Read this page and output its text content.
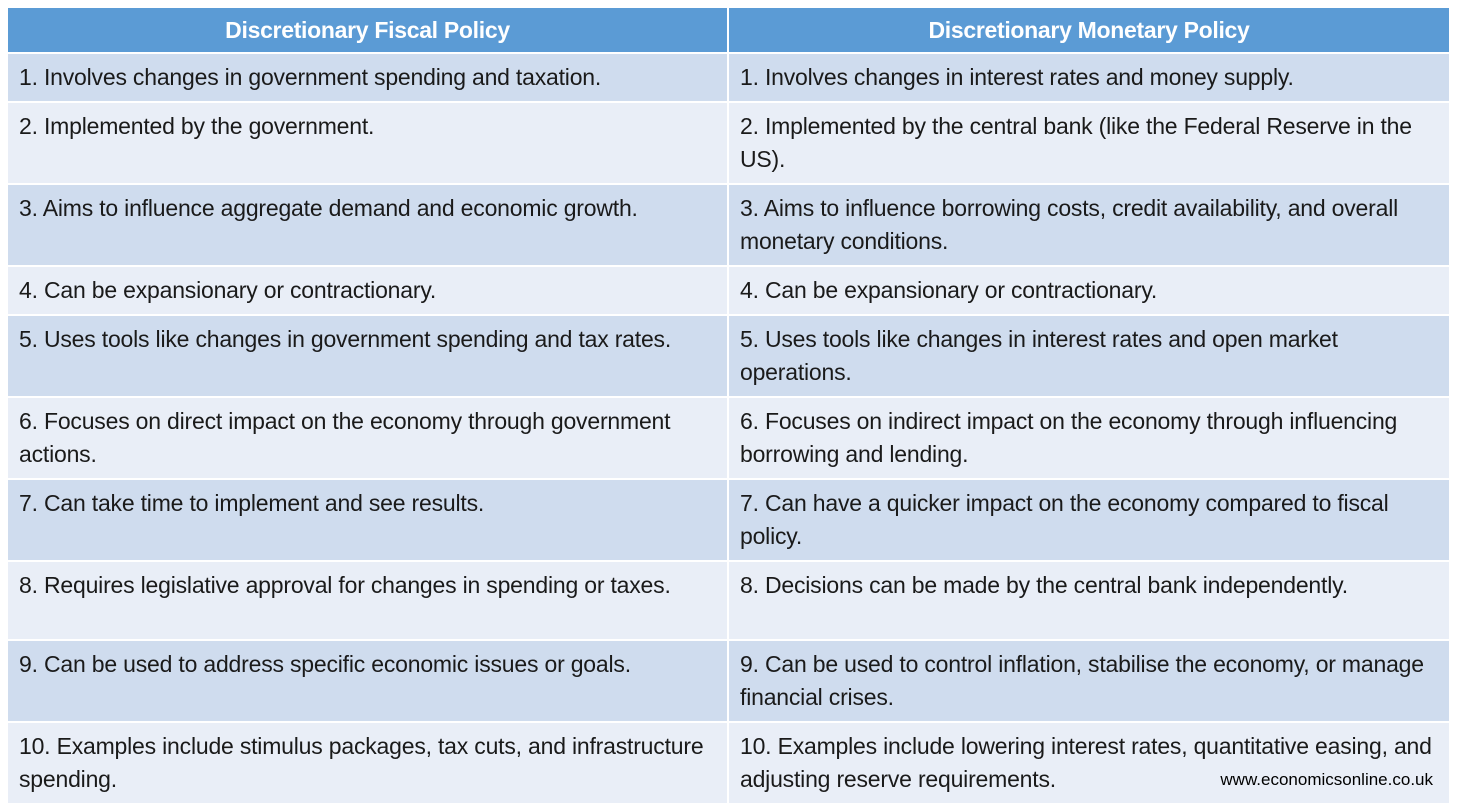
Discretionary Fiscal Policy	Discretionary Monetary Policy
1. Involves changes in government spending and taxation.	1. Involves changes in interest rates and money supply.
2. Implemented by the government.	2. Implemented by the central bank (like the Federal Reserve in the US).
3. Aims to influence aggregate demand and economic growth.	3. Aims to influence borrowing costs, credit availability, and overall monetary conditions.
4. Can be expansionary or contractionary.	4. Can be expansionary or contractionary.
5. Uses tools like changes in government spending and tax rates.	5. Uses tools like changes in interest rates and open market operations.
6. Focuses on direct impact on the economy through government actions.	6. Focuses on indirect impact on the economy through influencing borrowing and lending.
7. Can take time to implement and see results.	7. Can have a quicker impact on the economy compared to fiscal policy.
8. Requires legislative approval for changes in spending or taxes.	8. Decisions can be made by the central bank independently.
9. Can be used to address specific economic issues or goals.	9. Can be used to control inflation, stabilise the economy, or manage financial crises.
10. Examples include stimulus packages, tax cuts, and infrastructure spending.	10. Examples include lowering interest rates, quantitative easing, and adjusting reserve requirements.	www.economicsonline.co.uk
